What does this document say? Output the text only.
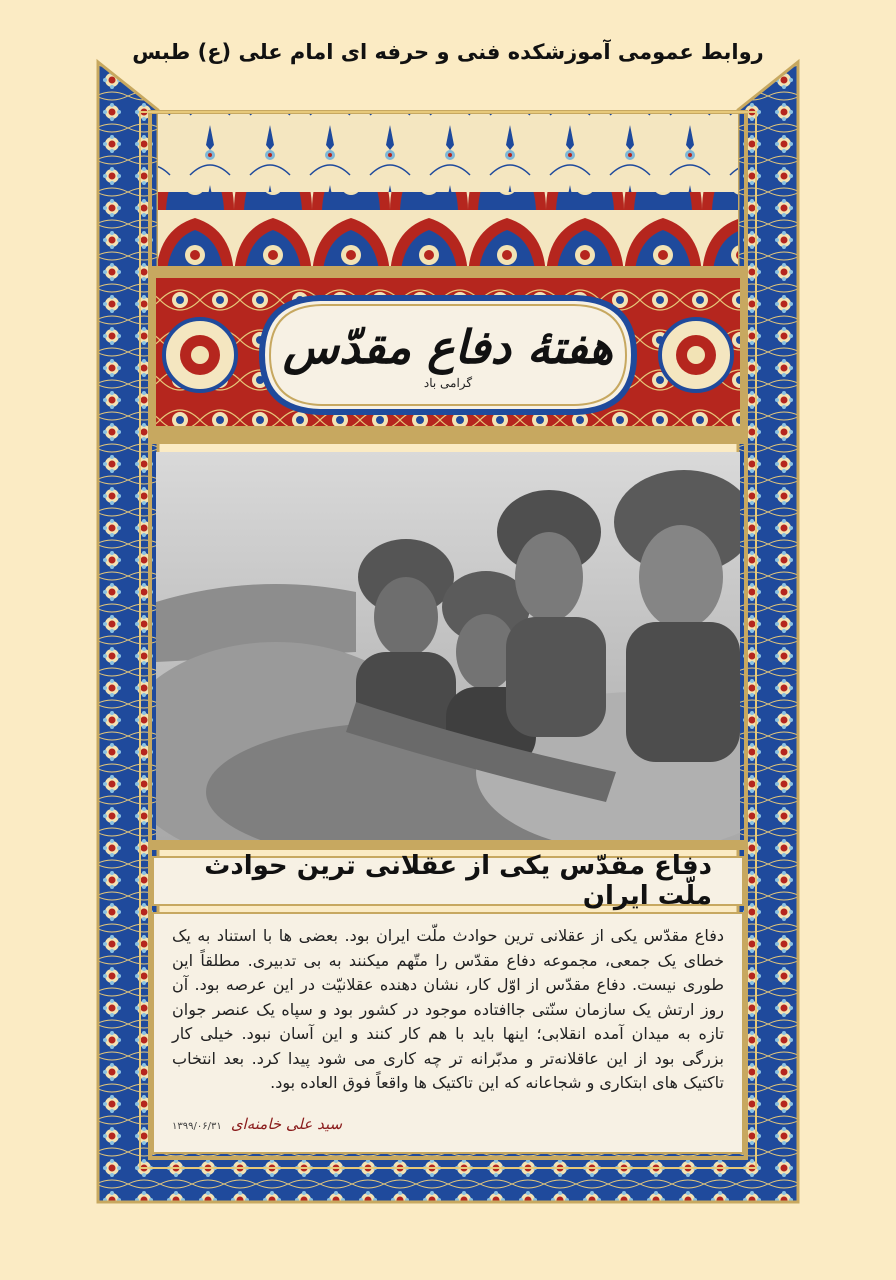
روابط عمومی آموزشکده فنی و حرفه ای امام علی (ع) طبس
هفتهٔ دفاع مقدّس
گرامی باد
دفاع مقدّس یکی از عقلانی ترین حوادث ملّت ایران
دفاع مقدّس یکی از عقلانی ترین حوادث ملّت ایران بود. بعضی ها با استناد به یک خطای یک جمعی، مجموعه دفاع مقدّس را متّهم میکنند به بی تدبیری. مطلقاً این طوری نیست. دفاع مقدّس از اوّل کار، نشان دهنده عقلانیّت در این عرصه بود. آن روز ارتش یک سازمان سنّتی جاافتاده موجود در کشور بود و سپاه یک عنصر جوان تازه به میدان آمده انقلابی؛ اینها باید با هم کار کنند و این آسان نبود. خیلی کار بزرگی بود از این عاقلانه‌تر و مدبّرانه تر چه کاری می شود پیدا کرد. بعد انتخاب تاکتیک های ابتکاری و شجاعانه که این تاکتیک ها واقعاً فوق العاده بود.
سید علی خامنه‌ای ۱۳۹۹/۰۶/۳۱
